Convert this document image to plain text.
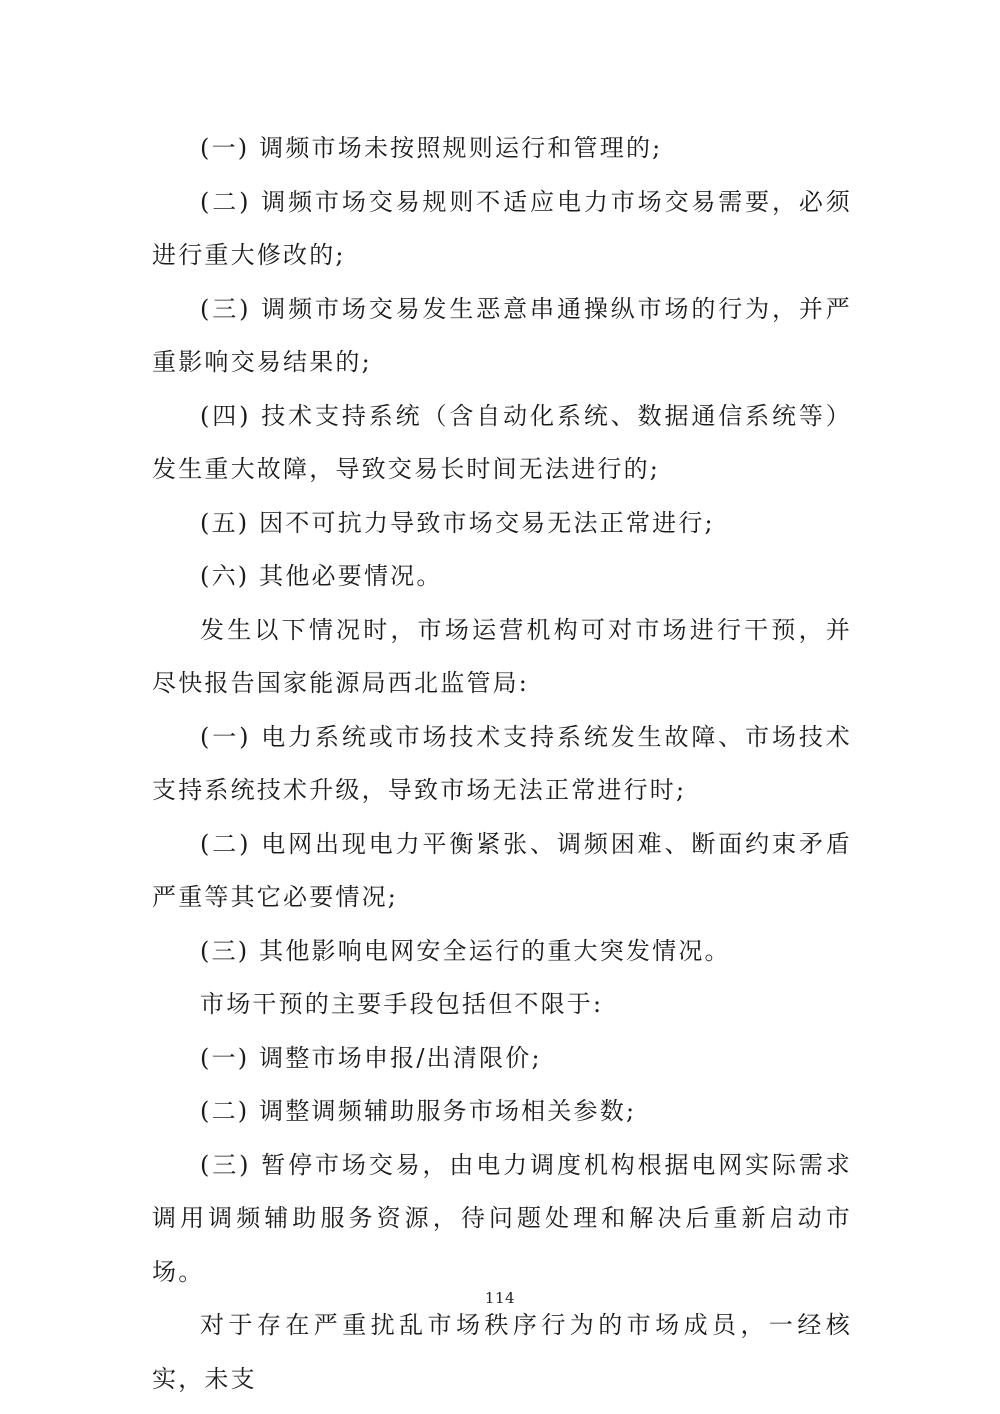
(一) 调频市场未按照规则运行和管理的;

(二) 调频市场交易规则不适应电力市场交易需要，必须进行重大修改的;

(三) 调频市场交易发生恶意串通操纵市场的行为，并严重影响交易结果的;

(四) 技术支持系统（含自动化系统、数据通信系统等）发生重大故障，导致交易长时间无法进行的;

(五) 因不可抗力导致市场交易无法正常进行;

(六) 其他必要情况。

发生以下情况时，市场运营机构可对市场进行干预，并尽快报告国家能源局西北监管局:

(一) 电力系统或市场技术支持系统发生故障、市场技术支持系统技术升级，导致市场无法正常进行时;

(二) 电网出现电力平衡紧张、调频困难、断面约束矛盾严重等其它必要情况;

(三) 其他影响电网安全运行的重大突发情况。

市场干预的主要手段包括但不限于:

(一) 调整市场申报/出清限价;

(二) 调整调频辅助服务市场相关参数;

(三) 暂停市场交易，由电力调度机构根据电网实际需求调用调频辅助服务资源，待问题处理和解决后重新启动市场。

对于存在严重扰乱市场秩序行为的市场成员，一经核实，未支

114
